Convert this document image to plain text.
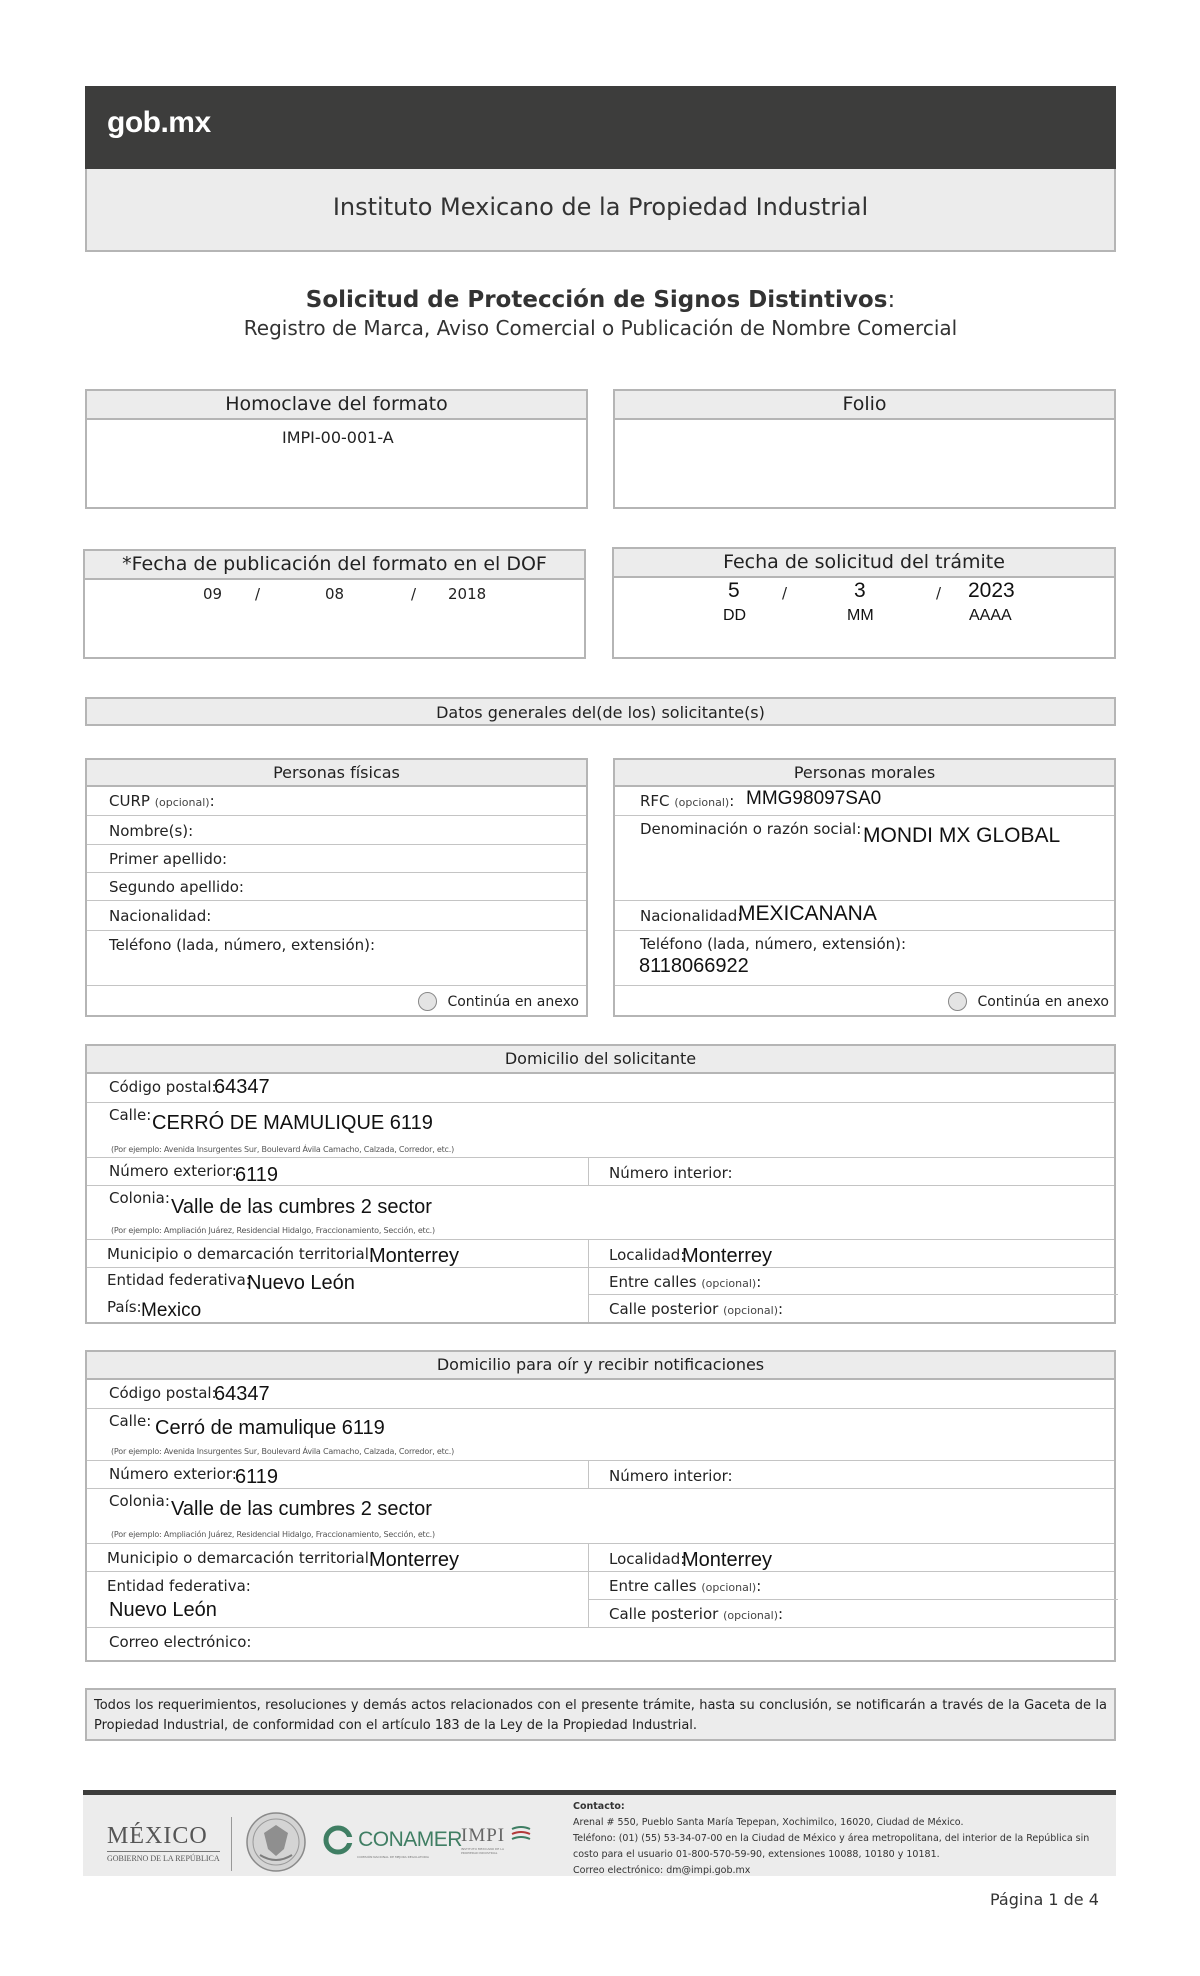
gob.mx
Instituto Mexicano de la Propiedad Industrial
Solicitud de Protección de Signos Distintivos:
Registro de Marca, Aviso Comercial o Publicación de Nombre Comercial
Homoclave del formato
IMPI-00-001-A
Folio
*Fecha de publicación del formato en el DOF
09 /	08	/ 2018
Fecha de solicitud del trámite
5	/	3	/ 2023
DD	MM	AAAA
Datos generales del(de los) solicitante(s)
Personas físicas
CURP (opcional):
Nombre(s):
Primer apellido:
Segundo apellido:
Nacionalidad:
Teléfono (lada, número, extensión):
Continúa en anexo
Personas morales
RFC (opcional): MMG98097SA0
Denominación o razón social: MONDI MX GLOBAL
Nacionalidad:
MEXICANANA
Teléfono (lada, número, extensión):
8118066922
Continúa en anexo
Domicilio del solicitante
Código postal:
64347
Calle: CERRÓ DE MAMULIQUE 6119
(Por ejemplo: Avenida Insurgentes Sur, Boulevard Ávila Camacho, Calzada, Corredor, etc.)
Número exterior:
6119	Número interior:
Colonia: Valle de las cumbres 2 sector
(Por ejemplo: Ampliación Juárez, Residencial Hidalgo, Fraccionamiento, Sección, etc.)
Municipio o demarcación territorial:
Monterrey	Localidad:
Monterrey
Entidad federativa:
Nuevo León	Entre calles (opcional):
País: Mexico	Calle posterior (opcional):
Domicilio para oír y recibir notificaciones
Código postal:
64347
Calle: Cerró de mamulique 6119
(Por ejemplo: Avenida Insurgentes Sur, Boulevard Ávila Camacho, Calzada, Corredor, etc.)
Número exterior:
6119	Número interior:
Colonia: Valle de las cumbres 2 sector
(Por ejemplo: Ampliación Juárez, Residencial Hidalgo, Fraccionamiento, Sección, etc.)
Municipio o demarcación territorial:
Monterrey	Localidad:
Monterrey
Entidad federativa:
Nuevo León
Entre calles (opcional):
Calle posterior (opcional):
Correo electrónico:
Todos los requerimientos, resoluciones y demás actos relacionados con el presente trámite, hasta su conclusión, se notificarán a través de la Gaceta de la Propiedad Industrial, de conformidad con el artículo 183 de la Ley de la Propiedad Industrial.
MÉXICO
GOBIERNO DE LA REPÚBLICA
CONAMER
COMISIÓN NACIONAL DE MEJORA REGULATORIA
IMPI
INSTITUTO MEXICANO DE LA PROPIEDAD INDUSTRIAL
Contacto:
Arenal # 550, Pueblo Santa María Tepepan, Xochimilco, 16020, Ciudad de México.
Teléfono: (01) (55) 53-34-07-00 en la Ciudad de México y área metropolitana, del interior de la República sin costo para el usuario 01-800-570-59-90, extensiones 10088, 10180 y 10181.
Correo electrónico: dm@impi.gob.mx
Página 1 de 4
